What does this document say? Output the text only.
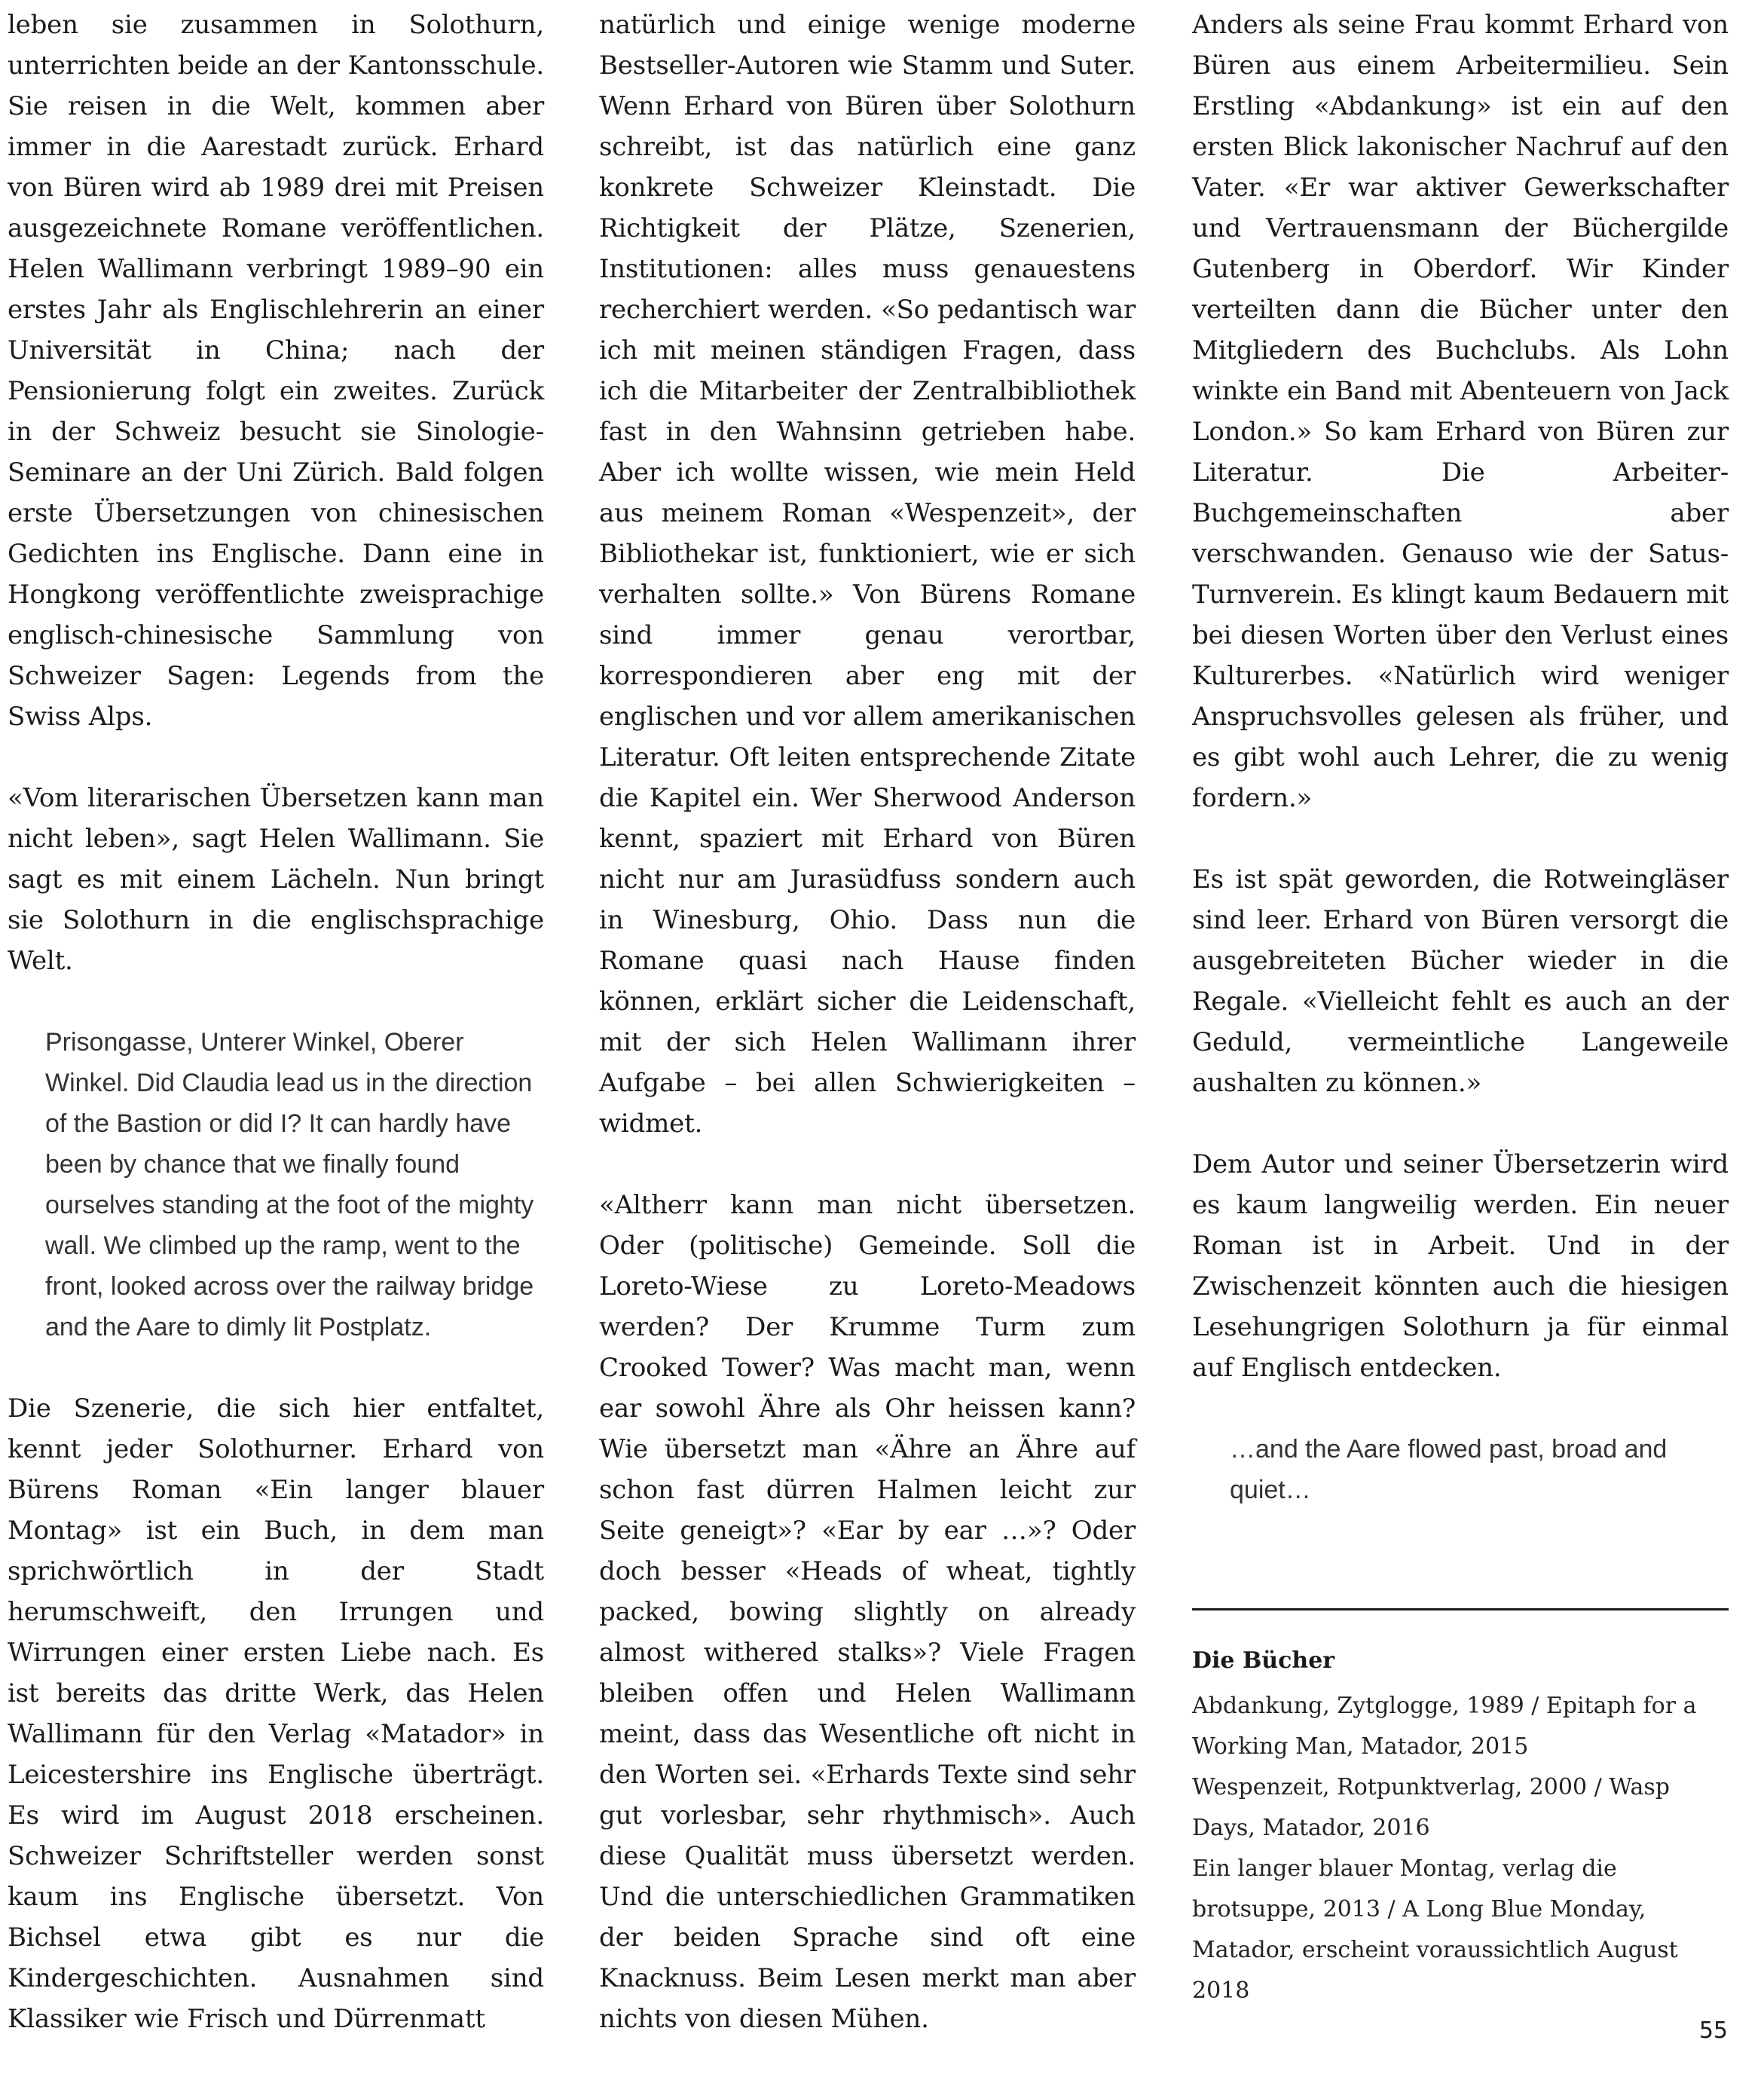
leben sie zusammen in Solothurn, unterrichten beide an der Kantonsschule. Sie reisen in die Welt, kommen aber immer in die Aarestadt zurück. Erhard von Büren wird ab 1989 drei mit Preisen ausgezeichnete Romane veröffentlichen. Helen Wallimann verbringt 1989–90 ein erstes Jahr als Englischlehrerin an einer Universität in China; nach der Pensionierung folgt ein zweites. Zurück in der Schweiz besucht sie Sinologie-Seminare an der Uni Zürich. Bald folgen erste Übersetzungen von chinesischen Gedichten ins Englische. Dann eine in Hongkong veröffentlichte zweisprachige englisch-chinesische Sammlung von Schweizer Sagen: Legends from the Swiss Alps.

«Vom literarischen Übersetzen kann man nicht leben», sagt Helen Wallimann. Sie sagt es mit einem Lächeln. Nun bringt sie Solothurn in die englischsprachige Welt.

Prisongasse, Unterer Winkel, Oberer Winkel. Did Claudia lead us in the direction of the Bastion or did I? It can hardly have been by chance that we finally found ourselves standing at the foot of the mighty wall. We climbed up the ramp, went to the front, looked across over the railway bridge and the Aare to dimly lit Postplatz.

Die Szenerie, die sich hier entfaltet, kennt jeder Solothurner. Erhard von Bürens Roman «Ein langer blauer Montag» ist ein Buch, in dem man sprichwörtlich in der Stadt herumschweift, den Irrungen und Wirrungen einer ersten Liebe nach. Es ist bereits das dritte Werk, das Helen Wallimann für den Verlag «Matador» in Leicestershire ins Englische überträgt. Es wird im August 2018 erscheinen. Schweizer Schriftsteller werden sonst kaum ins Englische übersetzt. Von Bichsel etwa gibt es nur die Kindergeschichten. Ausnahmen sind Klassiker wie Frisch und Dürrenmatt

natürlich und einige wenige moderne Bestseller-Autoren wie Stamm und Suter. Wenn Erhard von Büren über Solothurn schreibt, ist das natürlich eine ganz konkrete Schweizer Kleinstadt. Die Richtigkeit der Plätze, Szenerien, Institutionen: alles muss genauestens recherchiert werden. «So pedantisch war ich mit meinen ständigen Fragen, dass ich die Mitarbeiter der Zentralbibliothek fast in den Wahnsinn getrieben habe. Aber ich wollte wissen, wie mein Held aus meinem Roman «Wespenzeit», der Bibliothekar ist, funktioniert, wie er sich verhalten sollte.» Von Bürens Romane sind immer genau verortbar, korrespondieren aber eng mit der englischen und vor allem amerikanischen Literatur. Oft leiten entsprechende Zitate die Kapitel ein. Wer Sherwood Anderson kennt, spaziert mit Erhard von Büren nicht nur am Jurasüdfuss sondern auch in Winesburg, Ohio. Dass nun die Romane quasi nach Hause finden können, erklärt sicher die Leidenschaft, mit der sich Helen Wallimann ihrer Aufgabe – bei allen Schwierigkeiten – widmet.

«Altherr kann man nicht übersetzen. Oder (politische) Gemeinde. Soll die Loreto-Wiese zu Loreto-Meadows werden? Der Krumme Turm zum Crooked Tower? Was macht man, wenn ear sowohl Ähre als Ohr heissen kann? Wie übersetzt man «Ähre an Ähre auf schon fast dürren Halmen leicht zur Seite geneigt»? «Ear by ear …»? Oder doch besser «Heads of wheat, tightly packed, bowing slightly on already almost withered stalks»? Viele Fragen bleiben offen und Helen Wallimann meint, dass das Wesentliche oft nicht in den Worten sei. «Erhards Texte sind sehr gut vorlesbar, sehr rhythmisch». Auch diese Qualität muss übersetzt werden. Und die unterschiedlichen Grammatiken der beiden Sprache sind oft eine Knacknuss. Beim Lesen merkt man aber nichts von diesen Mühen.

Anders als seine Frau kommt Erhard von Büren aus einem Arbeitermilieu. Sein Erstling «Abdankung» ist ein auf den ersten Blick lakonischer Nachruf auf den Vater. «Er war aktiver Gewerkschafter und Vertrauensmann der Büchergilde Gutenberg in Oberdorf. Wir Kinder verteilten dann die Bücher unter den Mitgliedern des Buchclubs. Als Lohn winkte ein Band mit Abenteuern von Jack London.» So kam Erhard von Büren zur Literatur. Die Arbeiter-Buchgemeinschaften aber verschwanden. Genauso wie der Satus-Turnverein. Es klingt kaum Bedauern mit bei diesen Worten über den Verlust eines Kulturerbes. «Natürlich wird weniger Anspruchsvolles gelesen als früher, und es gibt wohl auch Lehrer, die zu wenig fordern.»

Es ist spät geworden, die Rotweingläser sind leer. Erhard von Büren versorgt die ausgebreiteten Bücher wieder in die Regale. «Vielleicht fehlt es auch an der Geduld, vermeintliche Langeweile aushalten zu können.»

Dem Autor und seiner Übersetzerin wird es kaum langweilig werden. Ein neuer Roman ist in Arbeit. Und in der Zwischenzeit könnten auch die hiesigen Lesehungrigen Solothurn ja für einmal auf Englisch entdecken.

…and the Aare flowed past, broad and quiet…

Die Bücher

Abdankung, Zytglogge, 1989 / Epitaph for a Working Man, Matador, 2015

Wespenzeit, Rotpunktverlag, 2000 / Wasp Days, Matador, 2016

Ein langer blauer Montag, verlag die brotsuppe, 2013 / A Long Blue Monday, Matador, erscheint voraussichtlich August 2018

55
